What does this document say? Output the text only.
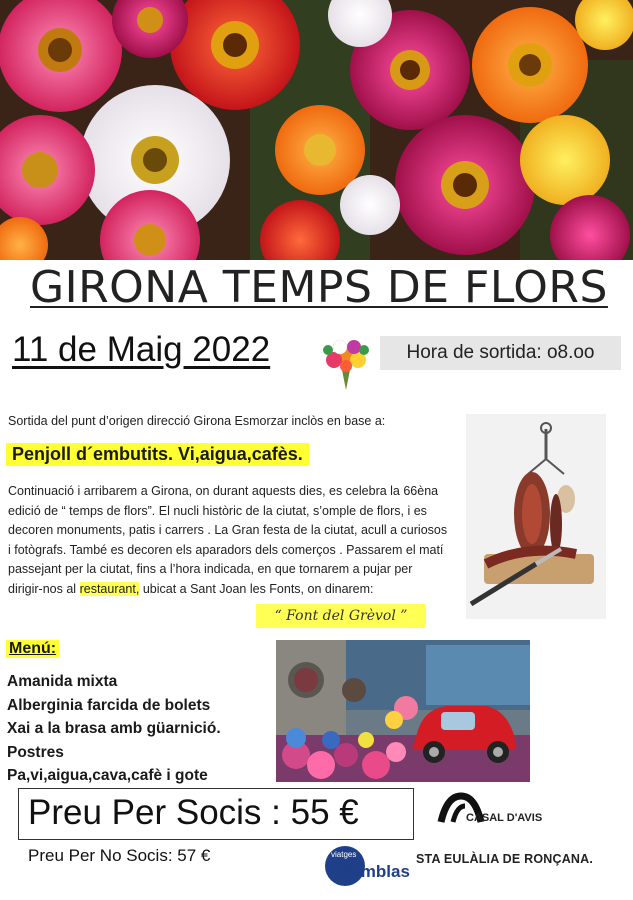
GIRONA TEMPS DE FLORS
11 de Maig 2022	Hora de sortida: o8.oo
Sortida del punt d’origen direcció Girona Esmorzar inclòs en base a:
Penjoll d´embutits. Vi,aigua,cafès.
Continuació i arribarem a Girona, on durant aquests dies, es celebra la 66èna edició de “ temps de flors”. El nucli històric de la ciutat, s’omple de flors, i es decoren monuments, patis i carrers . La Gran festa de la ciutat, acull a curiosos i fotògrafs. També es decoren els aparadors dels comerços . Passarem el matí passejant per la ciutat, fins a l’hora indicada, en que tornarem a pujar per dirigir-nos al restaurant, ubicat a Sant Joan les Fonts, on dinarem:
“ Font del Grèvol ”
Menú:
Amanida mixta
Alberginia farcida de bolets
Xai a la brasa amb güarnició.
Postres
Pa,vi,aigua,cava,cafè i gote
Preu Per Socis : 55 €
Preu Per No Socis: 57 €	viatges
Samblas
CASAL D'AVIS
STA EULÀLIA DE RONÇANA.
